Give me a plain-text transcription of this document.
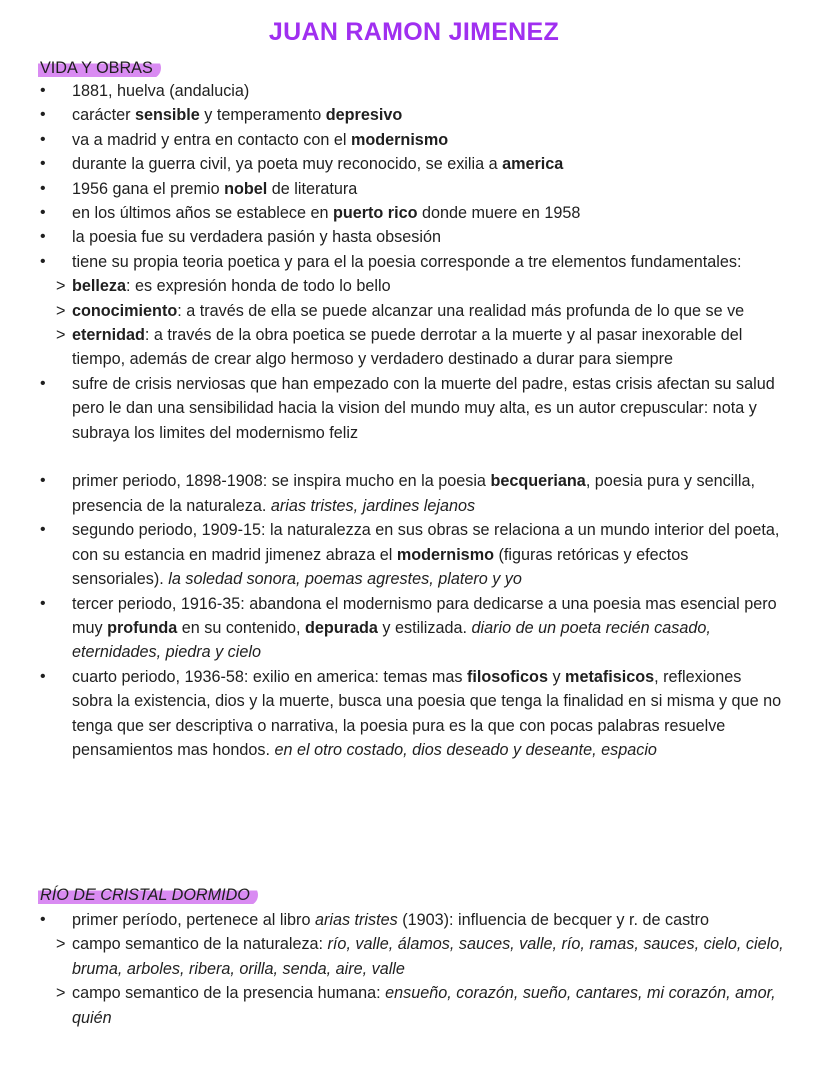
JUAN RAMON JIMENEZ
VIDA Y OBRAS
• 1881, huelva (andalucia)
• carácter sensible y temperamento depresivo
• va a madrid y entra en contacto con el modernismo
• durante la guerra civil, ya poeta muy reconocido, se exilia a america
• 1956 gana el premio nobel de literatura
• en los últimos años se establece en puerto rico donde muere en 1958
• la poesia fue su verdadera pasión y hasta obsesión
• tiene su propia teoria poetica y para el la poesia corresponde a tre elementos fundamentales:
> belleza: es expresión honda de todo lo bello
> conocimiento: a través de ella se puede alcanzar una realidad más profunda de lo que se ve
> eternidad: a través de la obra poetica se puede derrotar a la muerte y al pasar inexorable del tiempo, además de crear algo hermoso y verdadero destinado a durar para siempre
• sufre de crisis nerviosas que han empezado con la muerte del padre, estas crisis afectan su salud pero le dan una sensibilidad hacia la vision del mundo muy alta, es un autor crepuscular: nota y subraya los limites del modernismo feliz
• primer periodo, 1898-1908: se inspira mucho en la poesia becqueriana, poesia pura y sencilla, presencia de la naturaleza. arias tristes, jardines lejanos
• segundo periodo, 1909-15: la naturalezza en sus obras se relaciona a un mundo interior del poeta, con su estancia en madrid jimenez abraza el modernismo (figuras retóricas y efectos sensoriales). la soledad sonora, poemas agrestes, platero y yo
• tercer periodo, 1916-35: abandona el modernismo para dedicarse a una poesia mas esencial pero muy profunda en su contenido, depurada y estilizada. diario de un poeta recién casado, eternidades, piedra y cielo
• cuarto periodo, 1936-58: exilio en america: temas mas filosoficos y metafisicos, reflexiones sobra la existencia, dios y la muerte, busca una poesia que tenga la finalidad en si misma y que no tenga que ser descriptiva o narrativa, la poesia pura es la que con pocas palabras resuelve pensamientos mas hondos. en el otro costado, dios deseado y deseante, espacio
RÍO DE CRISTAL DORMIDO
• primer período, pertenece al libro arias tristes (1903): influencia de becquer y r. de castro
> campo semantico de la naturaleza: río, valle, álamos, sauces, valle, río, ramas, sauces, cielo, cielo, bruma, arboles, ribera, orilla, senda, aire, valle
> campo semantico de la presencia humana: ensueño, corazón, sueño, cantares, mi corazón, amor, quién
